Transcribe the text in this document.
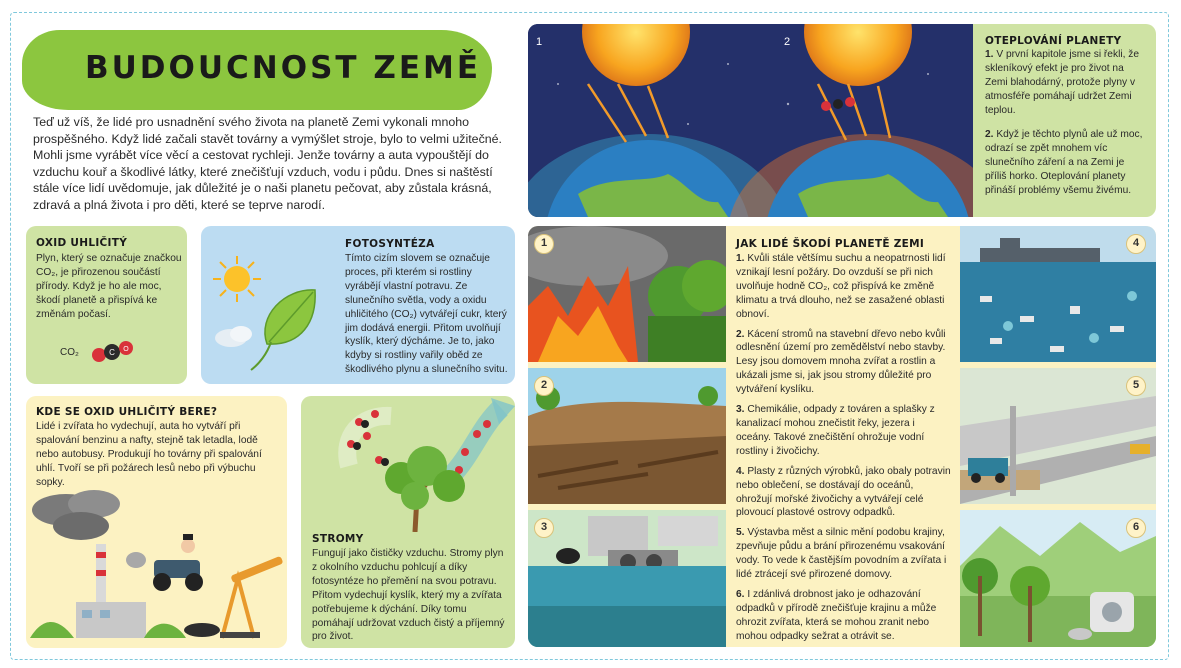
BUDOUCNOST ZEMĚ

Teď už víš, že lidé pro usnadnění svého života na planetě Zemi vykonali mnoho prospěšného. Když lidé začali stavět továrny a vymýšlet stroje, bylo to velmi užitečné. Mohli jsme vyrábět více věcí a cestovat rychleji. Jenže továrny a auta vypouštějí do vzduchu kouř a škodlivé látky, které znečišťují vzduch, vodu i půdu. Dnes si naštěstí stále více lidí uvědomuje, jak důležité je o naši planetu pečovat, aby zůstala krásná, zdravá a plná života i pro děti, které se teprve narodí.

OXID UHLIČITÝ

Plyn, který se označuje značkou CO₂, je přirozenou součástí přírody. Když je ho ale moc, škodí planetě a přispívá ke změnám počasí.

CO₂	C O
FOTOSYNTÉZA

Tímto cizím slovem se označuje proces, při kterém si rostliny vyrábějí vlastní potravu. Ze slunečního světla, vody a oxidu uhličitého (CO₂) vytvářejí cukr, který jim dodává energii. Přitom uvolňují kyslík, který dýcháme. Je to, jako kdyby si rostliny vařily oběd ze škodlivého plynu a slunečního svitu.

KDE SE OXID UHLIČITÝ BERE?

Lidé i zvířata ho vydechují, auta ho vytváří při spalování benzinu a nafty, stejně tak letadla, lodě nebo autobusy. Produkují ho továrny při spalování uhlí. Tvoří se při požárech lesů nebo při výbuchu sopky.

STROMY

Fungují jako čističky vzduchu. Stromy plyn z okolního vzduchu pohlcují a díky fotosyntéze ho přemění na svou potravu. Přitom vydechují kyslík, který my a zvířata potřebujeme k dýchání. Díky tomu pomáhají udržovat vzduch čistý a příjemný pro život.

1	2	OTEPLOVÁNÍ PLANETY

1. V první kapitole jsme si řekli, že skleníkový efekt je pro život na Zemi blahodárný, protože plyny v atmosféře pomáhají udržet Zemi teplou.

2. Když je těchto plynů ale už moc, odrazí se zpět mnohem víc slunečního záření a na Zemi je příliš horko. Oteplování planety přináší problémy všemu živému.

1
2
3
JAK LIDÉ ŠKODÍ PLANETĚ ZEMI

1. Kvůli stále většímu suchu a neopatrnosti lidí vznikají lesní požáry. Do ovzduší se při nich uvolňuje hodně CO₂, což přispívá ke změně klimatu a trvá dlouho, než se zasažené oblasti obnoví.

2. Kácení stromů na stavební dřevo nebo kvůli odlesnění území pro zemědělství nebo stavby. Lesy jsou domovem mnoha zvířat a rostlin a ukázali jsme si, jak jsou stromy důležité pro vytváření kyslíku.

3. Chemikálie, odpady z továren a splašky z kanalizací mohou znečistit řeky, jezera i oceány. Takové znečištění ohrožuje vodní rostliny i živočichy.

4. Plasty z různých výrobků, jako obaly potravin nebo oblečení, se dostávají do oceánů, ohrožují mořské živočichy a vytvářejí celé plovoucí plastové ostrovy odpadků.

5. Výstavba měst a silnic mění podobu krajiny, zpevňuje půdu a brání přirozenému vsakování vody. To vede k častějším povodním a zvířata i lidé ztrácejí své přirozené domovy.

6. I zdánlivá drobnost jako je odhazování odpadků v přírodě znečišťuje krajinu a může ohrozit zvířata, která se mohou zranit nebo mohou odpadky sežrat a otrávit se.

4
5
6
